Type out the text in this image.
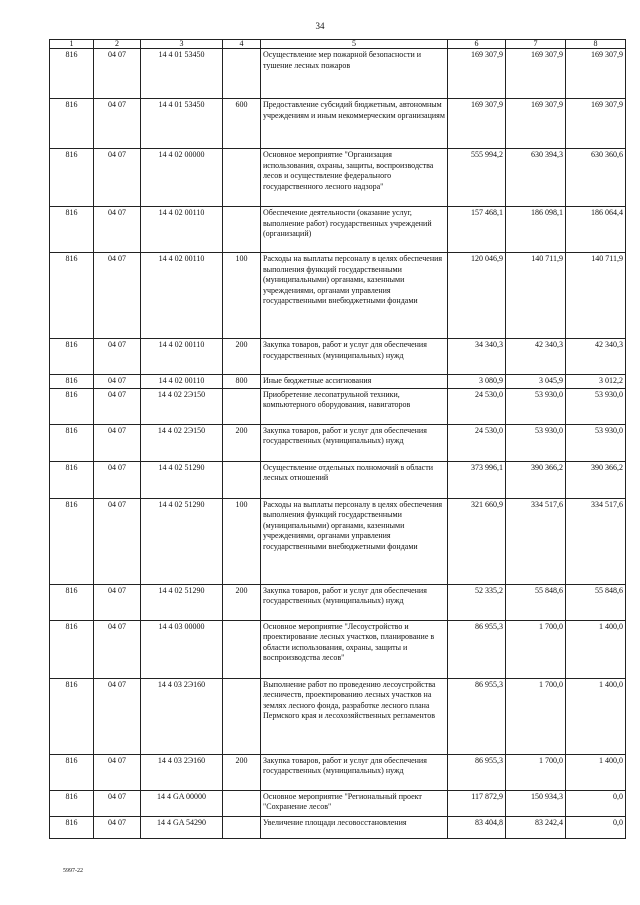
34
1	2	3	4	5	6	7	8
816	04 07	14 4 01 53450		Осуществление мер пожарной безопасности и тушение лесных пожаров	169 307,9	169 307,9	169 307,9
816	04 07	14 4 01 53450	600	Предоставление субсидий бюджетным, автономным учреждениям и иным некоммерческим организациям	169 307,9	169 307,9	169 307,9
816	04 07	14 4 02 00000		Основное мероприятие "Организация использования, охраны, защиты, воспроизводства лесов и осуществление федерального государственного лесного надзора"	555 994,2	630 394,3	630 360,6
816	04 07	14 4 02 00110		Обеспечение деятельности (оказание услуг, выполнение работ) государственных учреждений (организаций)	157 468,1	186 098,1	186 064,4
816	04 07	14 4 02 00110	100	Расходы на выплаты персоналу в целях обеспечения выполнения функций государственными (муниципальными) органами, казенными учреждениями, органами управления государственными внебюджетными фондами	120 046,9	140 711,9	140 711,9
816	04 07	14 4 02 00110	200	Закупка товаров, работ и услуг для обеспечения государственных (муниципальных) нужд	34 340,3	42 340,3	42 340,3
816	04 07	14 4 02 00110	800	Иные бюджетные ассигнования	3 080,9	3 045,9	3 012,2
816	04 07	14 4 02 2Э150		Приобретение лесопатрульной техники, компьютерного оборудования, навигаторов	24 530,0	53 930,0	53 930,0
816	04 07	14 4 02 2Э150	200	Закупка товаров, работ и услуг для обеспечения государственных (муниципальных) нужд	24 530,0	53 930,0	53 930,0
816	04 07	14 4 02 51290		Осуществление отдельных полномочий в области лесных отношений	373 996,1	390 366,2	390 366,2
816	04 07	14 4 02 51290	100	Расходы на выплаты персоналу в целях обеспечения выполнения функций государственными (муниципальными) органами, казенными учреждениями, органами управления государственными внебюджетными фондами	321 660,9	334 517,6	334 517,6
816	04 07	14 4 02 51290	200	Закупка товаров, работ и услуг для обеспечения государственных (муниципальных) нужд	52 335,2	55 848,6	55 848,6
816	04 07	14 4 03 00000		Основное мероприятие "Лесоустройство и проектирование лесных участков, планирование в области использования, охраны, защиты и воспроизводства лесов"	86 955,3	1 700,0	1 400,0
816	04 07	14 4 03 2Э160		Выполнение работ по проведению лесоустройства лесничеств, проектированию лесных участков на землях лесного фонда, разработке лесного плана Пермского края и лесохозяйственных регламентов	86 955,3	1 700,0	1 400,0
816	04 07	14 4 03 2Э160	200	Закупка товаров, работ и услуг для обеспечения государственных (муниципальных) нужд	86 955,3	1 700,0	1 400,0
816	04 07	14 4 GA 00000		Основное мероприятие "Региональный проект "Сохранение лесов"	117 872,9	150 934,3	0,0
816	04 07	14 4 GA 54290		Увеличение площади лесовосстановления	83 404,8	83 242,4	0,0
5997-22
